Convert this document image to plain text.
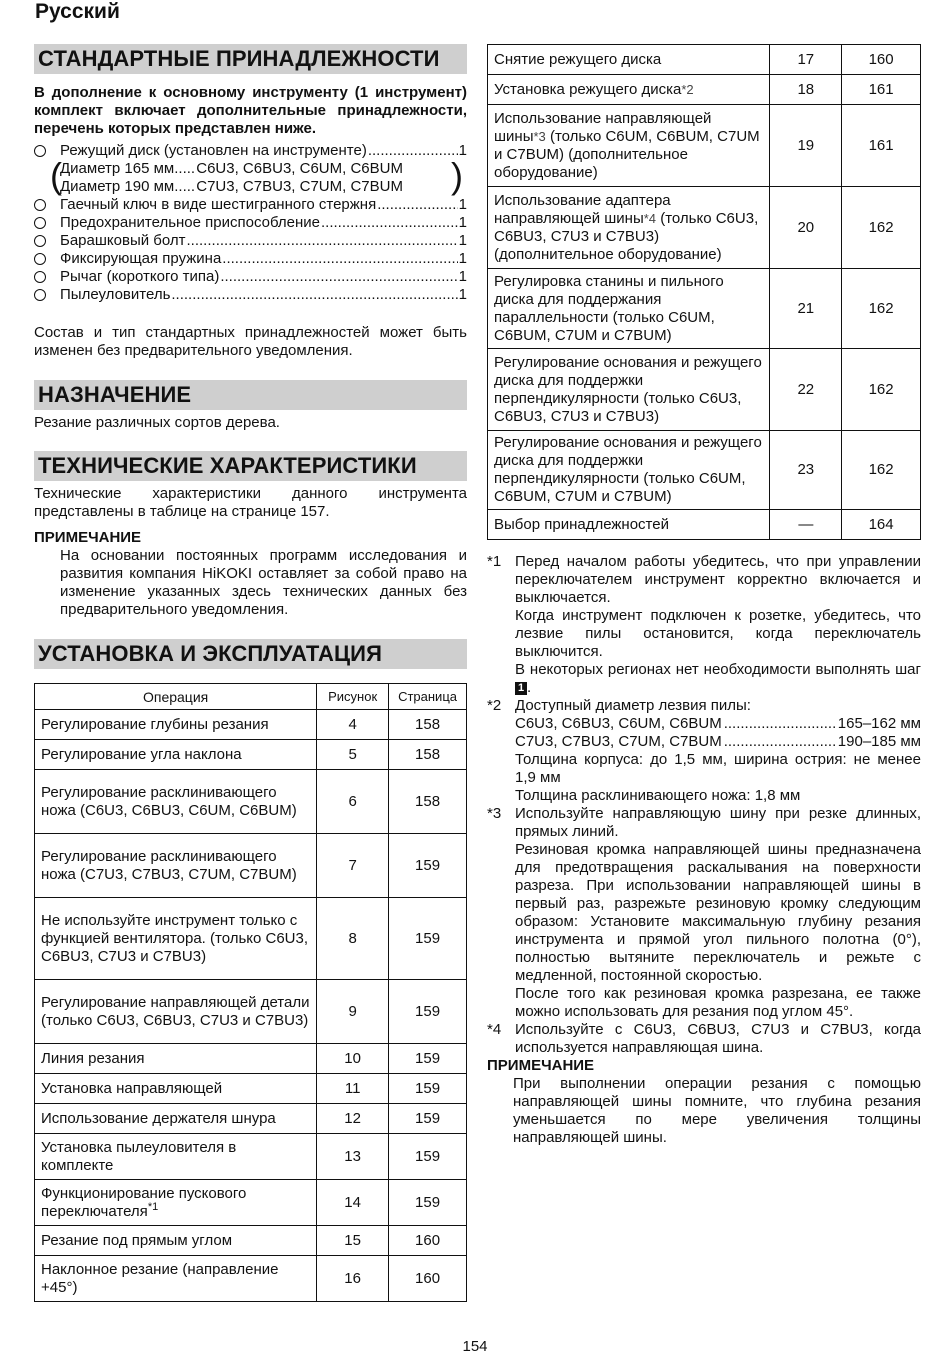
Русский
СТАНДАРТНЫЕ ПРИНАДЛЕЖНОСТИ
В дополнение к основному инструменту (1 инструмент) комплект включает дополнительные принадлежности, перечень которых представлен ниже.
Режущий диск (установлен на инструменте) .....	1
(	)
Диаметр 165 мм ........ C6U3, C6BU3, C6UM, C6BUM
Диаметр 190 мм ........ C7U3, C7BU3, C7UM, C7BUM
Гаечный ключ в виде шестигранного стержня .....	1
Предохранительное приспособление .....	1
Барашковый болт .....	1
Фиксирующая пружина .....	1
Рычаг (короткого типа) .....	1
Пылеуловитель .....	1
Состав и тип стандартных принадлежностей может быть изменен без предварительного уведомления.
НАЗНАЧЕНИЕ
Резание различных сортов дерева.
ТЕХНИЧЕСКИЕ ХАРАКТЕРИСТИКИ
Технические характеристики данного инструмента представлены в таблице на странице 157.
ПРИМЕЧАНИЕ
На основании постоянных программ исследования и развития компания HiKOKI оставляет за собой право на изменение указанных здесь технических данных без предварительного уведомления.
УСТАНОВКА И ЭКСПЛУАТАЦИЯ
Операция	Рисунок	Страница
Регулирование глубины резания	4	158
Регулирование угла наклона	5	158
Регулирование расклинивающего ножа (C6U3, C6BU3, C6UM, C6BUM)	6	158
Регулирование расклинивающего ножа (C7U3, C7BU3, C7UM, C7BUM)	7	159
Не используйте инструмент только с функцией вентилятора. (только C6U3, C6BU3, C7U3 и C7BU3)	8	159
Регулирование направляющей детали (только C6U3, C6BU3, C7U3 и C7BU3)	9	159
Линия резания	10	159
Установка направляющей	11	159
Использование держателя шнура	12	159
Установка пылеуловителя в комплекте	13	159
Функционирование пускового переключателя$^{*1}$	14	159
Резание под прямым углом	15	160
Наклонное резание (направление +45°)	16	160
Снятие режущего диска	17	160
Установка режущего диска*2	18	161
Использование направляющей шины*3 (только C6UM, C6BUM, C7UM и C7BUM) (дополнительное оборудование)	19	161
Использование адаптера направляющей шины*4 (только C6U3, C6BU3, C7U3 и C7BU3) (дополнительное оборудование)	20	162
Регулировка станины и пильного диска для поддержания параллельности (только C6UM, C6BUM, C7UM и C7BUM)	21	162
Регулирование основания и режущего диска для поддержки перпендикулярности (только C6U3, C6BU3, C7U3 и C7BU3)	22	162
Регулирование основания и режущего диска для поддержки перпендикулярности (только C6UM, C6BUM, C7UM и C7BUM)	23	162
Выбор принадлежностей	—	164
*1 Перед началом работы убедитесь, что при управлении переключателем инструмент корректно включается и выключается.

Когда инструмент подключен к розетке, убедитесь, что лезвие пилы остановится, когда переключатель выключится.

В некоторых регионах нет необходимости выполнять шаг 1 .

*2 Доступный диаметр лезвия пилы:

C6U3, C6BU3, C6UM, C6BUM .....	165–162 мм
C7U3, C7BU3, C7UM, C7BUM .....	190–185 мм

Толщина корпуса: до 1,5 мм, ширина острия: не менее 1,9 мм

Толщина расклинивающего ножа: 1,8 мм

*3 Используйте направляющую шину при резке длинных, прямых линий.

Резиновая кромка направляющей шины предназначена для предотвращения раскалывания на поверхности разреза. При использовании направляющей шины в первый раз, разрежьте резиновую кромку следующим образом: Установите максимальную глубину резания инструмента и прямой угол пильного полотна (0°), полностью вытяните переключатель и режьте с медленной, постоянной скоростью.

После того как резиновая кромка разрезана, ее также можно использовать для резания под углом 45°.

*4 Используйте с C6U3, C6BU3, C7U3 и C7BU3, когда используется направляющая шина.

ПРИМЕЧАНИЕ
При выполнении операции резания с помощью направляющей шины помните, что глубина резания уменьшается по мере увеличения толщины направляющей шины.
154
